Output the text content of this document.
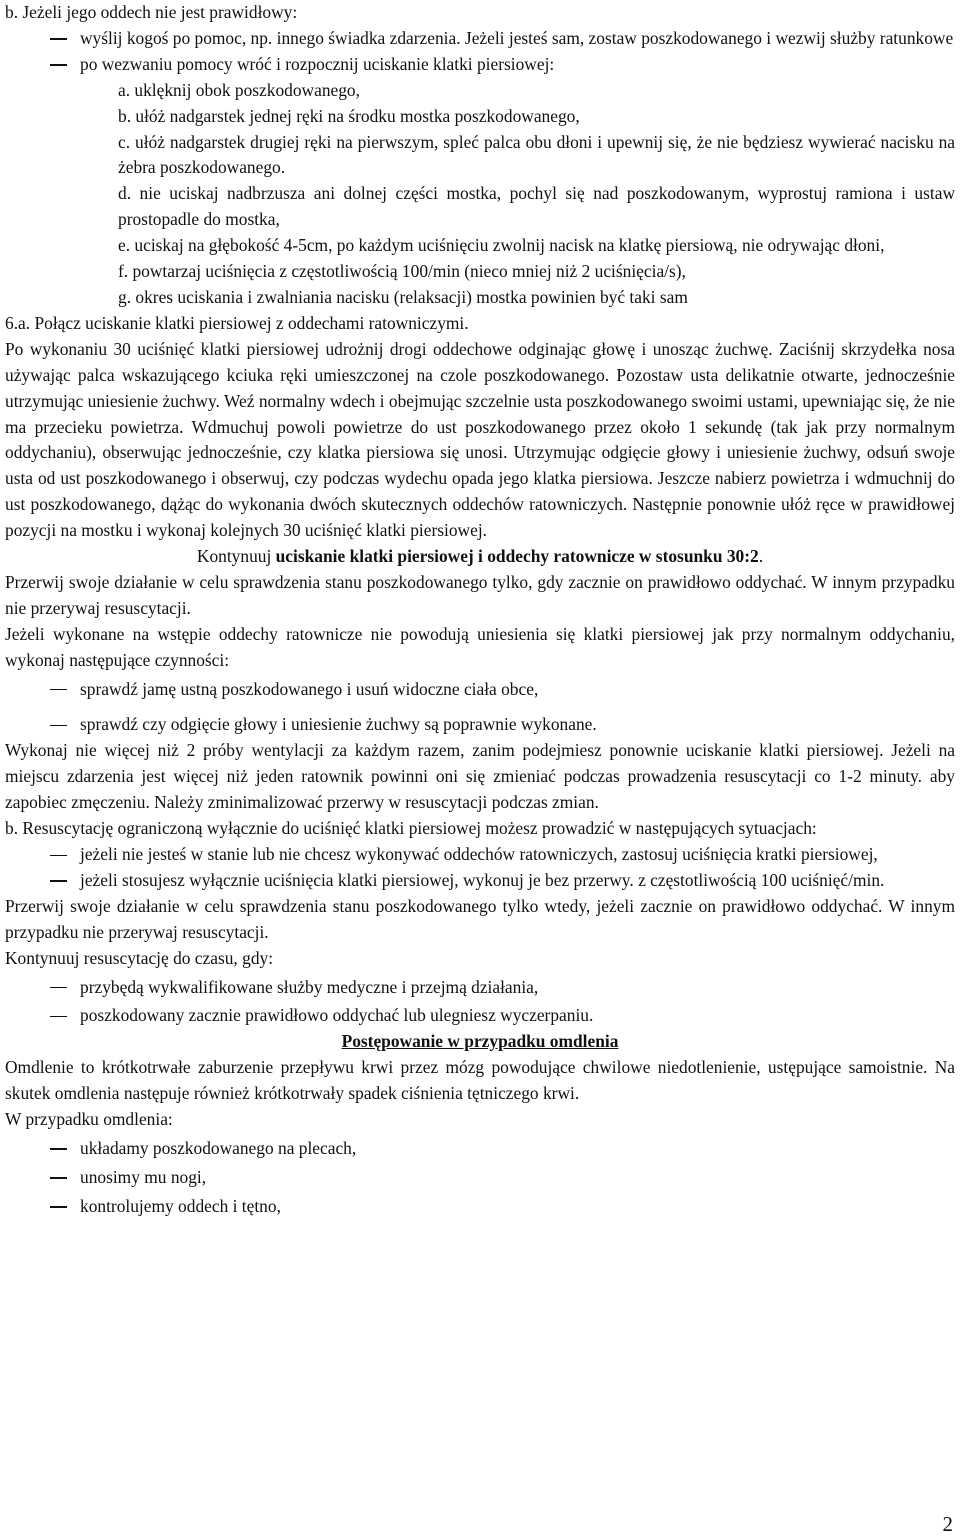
b. Jeżeli jego oddech nie jest prawidłowy:

wyślij kogoś po pomoc, np. innego świadka zdarzenia. Jeżeli jesteś sam, zostaw poszkodowanego i wezwij służby ratunkowe

po wezwaniu pomocy wróć i rozpocznij uciskanie klatki piersiowej:

a. uklęknij obok poszkodowanego,

b. ułóż nadgarstek jednej ręki na środku mostka poszkodowanego,

c. ułóż nadgarstek drugiej ręki na pierwszym, spleć palca obu dłoni i upewnij się, że nie będziesz wywierać nacisku na żebra poszkodowanego.

d. nie uciskaj nadbrzusza ani dolnej części mostka, pochyl się nad poszkodowanym, wyprostuj ramiona i ustaw prostopadle do mostka,

e. uciskaj na głębokość 4-5cm, po każdym uciśnięciu zwolnij nacisk na klatkę piersiową, nie odrywając dłoni,

f. powtarzaj uciśnięcia z częstotliwością 100/min (nieco mniej niż 2 uciśnięcia/s),

g. okres uciskania i zwalniania nacisku (relaksacji) mostka powinien być taki sam

6.a. Połącz uciskanie klatki piersiowej z oddechami ratowniczymi.

Po wykonaniu 30 uciśnięć klatki piersiowej udrożnij drogi oddechowe odginając głowę i unosząc żuchwę. Zaciśnij skrzydełka nosa używając palca wskazującego kciuka ręki umieszczonej na czole poszkodowanego. Pozostaw usta delikatnie otwarte, jednocześnie utrzymując uniesienie żuchwy. Weź normalny wdech i obejmując szczelnie usta poszkodowanego swoimi ustami, upewniając się, że nie ma przecieku powietrza. Wdmuchuj powoli powietrze do ust poszkodowanego przez około 1 sekundę (tak jak przy normalnym oddychaniu), obserwując jednocześnie, czy klatka piersiowa się unosi. Utrzymując odgięcie głowy i uniesienie żuchwy, odsuń swoje usta od ust poszkodowanego i obserwuj, czy podczas wydechu opada jego klatka piersiowa. Jeszcze nabierz powietrza i wdmuchnij do ust poszkodowanego, dążąc do wykonania dwóch skutecznych oddechów ratowniczych. Następnie ponownie ułóż ręce w prawidłowej pozycji na mostku i wykonaj kolejnych 30 uciśnięć klatki piersiowej.

Kontynuuj uciskanie klatki piersiowej i oddechy ratownicze w stosunku 30:2.

Przerwij swoje działanie w celu sprawdzenia stanu poszkodowanego tylko, gdy zacznie on prawidłowo oddychać. W innym przypadku nie przerywaj resuscytacji.

Jeżeli wykonane na wstępie oddechy ratownicze nie powodują uniesienia się klatki piersiowej jak przy normalnym oddychaniu, wykonaj następujące czynności:

sprawdź jamę ustną poszkodowanego i usuń widoczne ciała obce,

sprawdź czy odgięcie głowy i uniesienie żuchwy są poprawnie wykonane.

Wykonaj nie więcej niż 2 próby wentylacji za każdym razem, zanim podejmiesz ponownie uciskanie klatki piersiowej. Jeżeli na miejscu zdarzenia jest więcej niż jeden ratownik powinni oni się zmieniać podczas prowadzenia resuscytacji co 1-2 minuty. aby zapobiec zmęczeniu. Należy zminimalizować przerwy w resuscytacji podczas zmian.

b. Resuscytację ograniczoną wyłącznie do uciśnięć klatki piersiowej możesz prowadzić w następujących sytuacjach:

jeżeli nie jesteś w stanie lub nie chcesz wykonywać oddechów ratowniczych, zastosuj uciśnięcia kratki piersiowej,

jeżeli stosujesz wyłącznie uciśnięcia klatki piersiowej, wykonuj je bez przerwy. z częstotliwością 100 uciśnięć/min.

Przerwij swoje działanie w celu sprawdzenia stanu poszkodowanego tylko wtedy, jeżeli zacznie on prawidłowo oddychać. W innym przypadku nie przerywaj resuscytacji.

Kontynuuj resuscytację do czasu, gdy:

przybędą wykwalifikowane służby medyczne i przejmą działania,

poszkodowany zacznie prawidłowo oddychać lub ulegniesz wyczerpaniu.

Postępowanie w przypadku omdlenia

Omdlenie to krótkotrwałe zaburzenie przepływu krwi przez mózg powodujące chwilowe niedotlenienie, ustępujące samoistnie. Na skutek omdlenia następuje również krótkotrwały spadek ciśnienia tętniczego krwi.

W przypadku omdlenia:

układamy poszkodowanego na plecach,

unosimy mu nogi,

kontrolujemy oddech i tętno,

2
